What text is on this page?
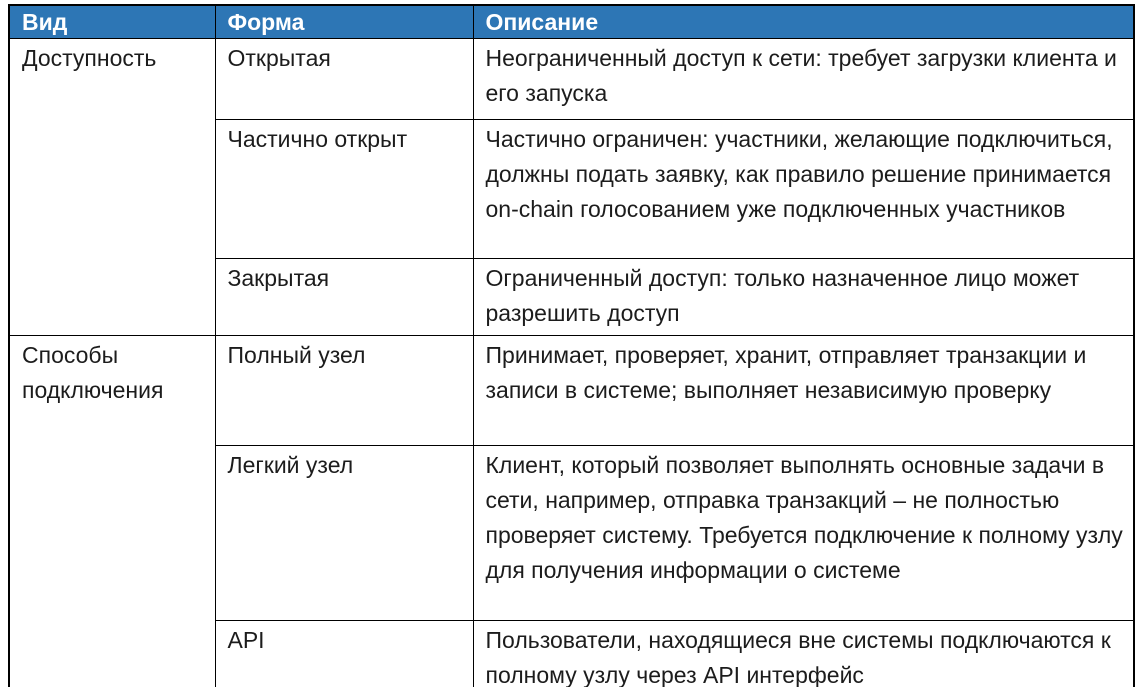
Вид	Форма	Описание
Доступность	Открытая	Неограниченный доступ к сети: требует загрузки клиента и его запуска
	Частично открыт	Частично ограничен: участники, желающие подключиться, должны подать заявку, как правило решение принимается on-chain голосованием уже подключенных участников
	Закрытая	Ограниченный доступ: только назначенное лицо может разрешить доступ
Способы подключения	Полный узел	Принимает, проверяет, хранит, отправляет транзакции и записи в системе; выполняет независимую проверку
	Легкий узел	Клиент, который позволяет выполнять основные задачи в сети, например, отправка транзакций – не полностью проверяет систему. Требуется подключение к полному узлу для получения информации о системе
	API	Пользователи, находящиеся вне системы подключаются к полному узлу через API интерфейс
